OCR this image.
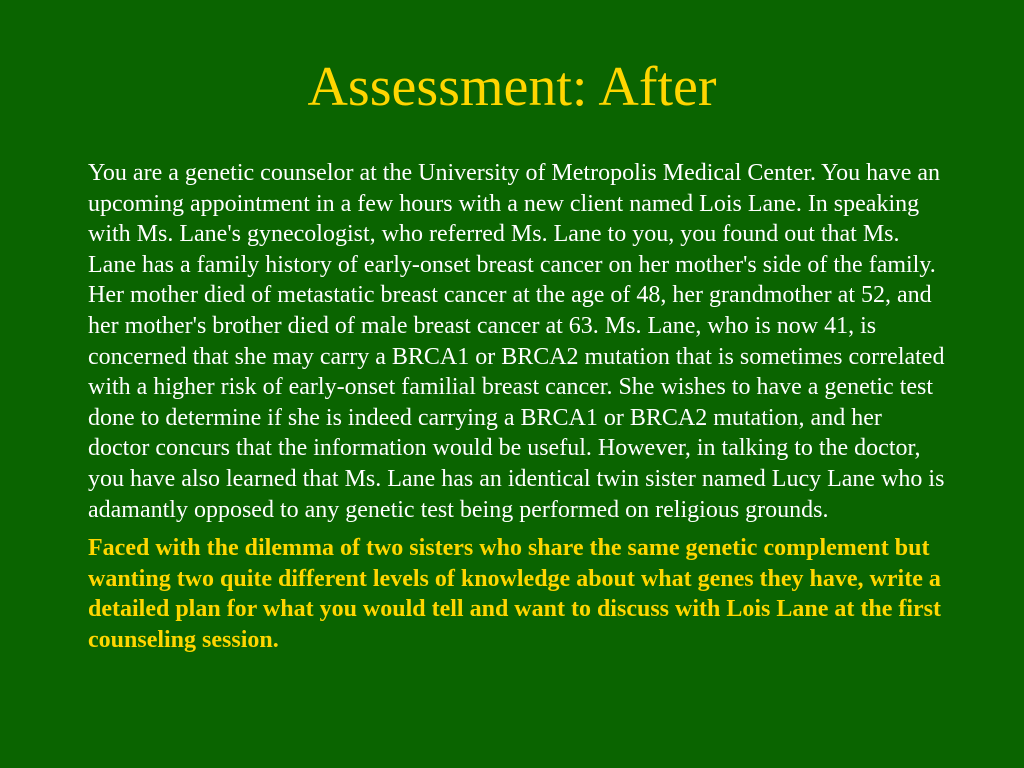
Assessment: After

You are a genetic counselor at the University of Metropolis Medical Center. You have an upcoming appointment in a few hours with a new client named Lois Lane. In speaking with Ms. Lane's gynecologist, who referred Ms. Lane to you, you found out that Ms. Lane has a family history of early-onset breast cancer on her mother's side of the family. Her mother died of metastatic breast cancer at the age of 48, her grandmother at 52, and her mother's brother died of male breast cancer at 63. Ms. Lane, who is now 41, is concerned that she may carry a BRCA1 or BRCA2 mutation that is sometimes correlated with a higher risk of early-onset familial breast cancer. She wishes to have a genetic test done to determine if she is indeed carrying a BRCA1 or BRCA2 mutation, and her doctor concurs that the information would be useful. However, in talking to the doctor, you have also learned that Ms. Lane has an identical twin sister named Lucy Lane who is adamantly opposed to any genetic test being performed on religious grounds.

Faced with the dilemma of two sisters who share the same genetic complement but wanting two quite different levels of knowledge about what genes they have, write a detailed plan for what you would tell and want to discuss with Lois Lane at the first counseling session.
